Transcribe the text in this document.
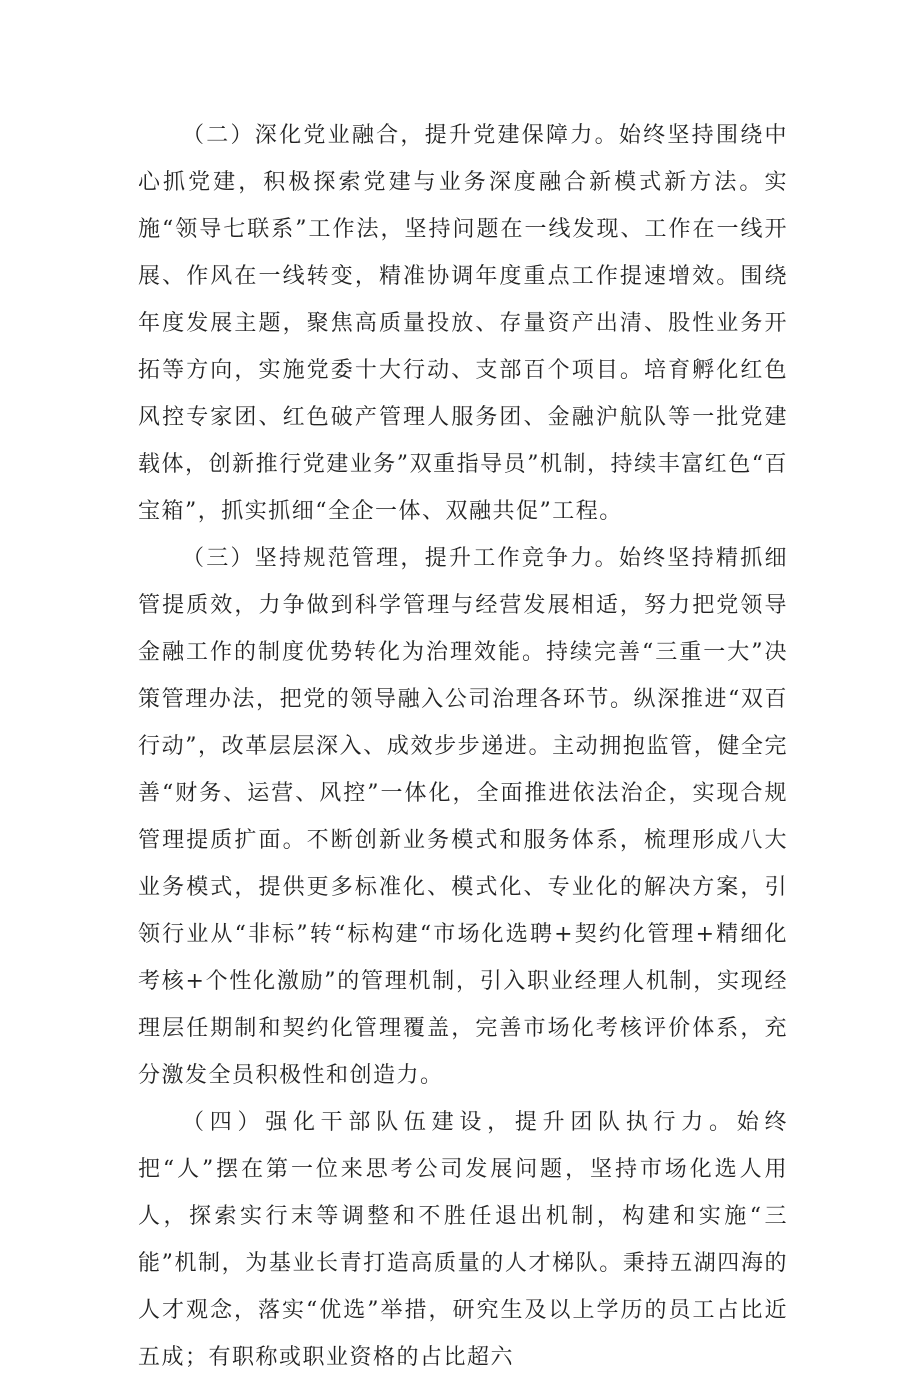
（二）深化党业融合，提升党建保障力。始终坚持围绕中心抓党建，积极探索党建与业务深度融合新模式新方法。实施“领导七联系”工作法，坚持问题在一线发现、工作在一线开展、作风在一线转变，精准协调年度重点工作提速增效。围绕年度发展主题，聚焦高质量投放、存量资产出清、股性业务开拓等方向，实施党委十大行动、支部百个项目。培育孵化红色风控专家团、红色破产管理人服务团、金融沪航队等一批党建载体，创新推行党建业务”双重指导员”机制，持续丰富红色“百宝箱”，抓实抓细“全企一体、双融共促”工程。

（三）坚持规范管理，提升工作竞争力。始终坚持精抓细管提质效，力争做到科学管理与经营发展相适，努力把党领导金融工作的制度优势转化为治理效能。持续完善“三重一大”决策管理办法，把党的领导融入公司治理各环节。纵深推进“双百行动”，改革层层深入、成效步步递进。主动拥抱监管，健全完善“财务、运营、风控”一体化，全面推进依法治企，实现合规管理提质扩面。不断创新业务模式和服务体系，梳理形成八大业务模式，提供更多标准化、模式化、专业化的解决方案，引领行业从“非标”转“标构建“市场化选聘+契约化管理+精细化考核+个性化激励”的管理机制，引入职业经理人机制，实现经理层任期制和契约化管理覆盖，完善市场化考核评价体系，充分激发全员积极性和创造力。

（四）强化干部队伍建设，提升团队执行力。始终把“人”摆在第一位来思考公司发展问题，坚持市场化选人用人，探索实行末等调整和不胜任退出机制，构建和实施“三能”机制，为基业长青打造高质量的人才梯队。秉持五湖四海的人才观念，落实“优选”举措，研究生及以上学历的员工占比近五成；有职称或职业资格的占比超六
